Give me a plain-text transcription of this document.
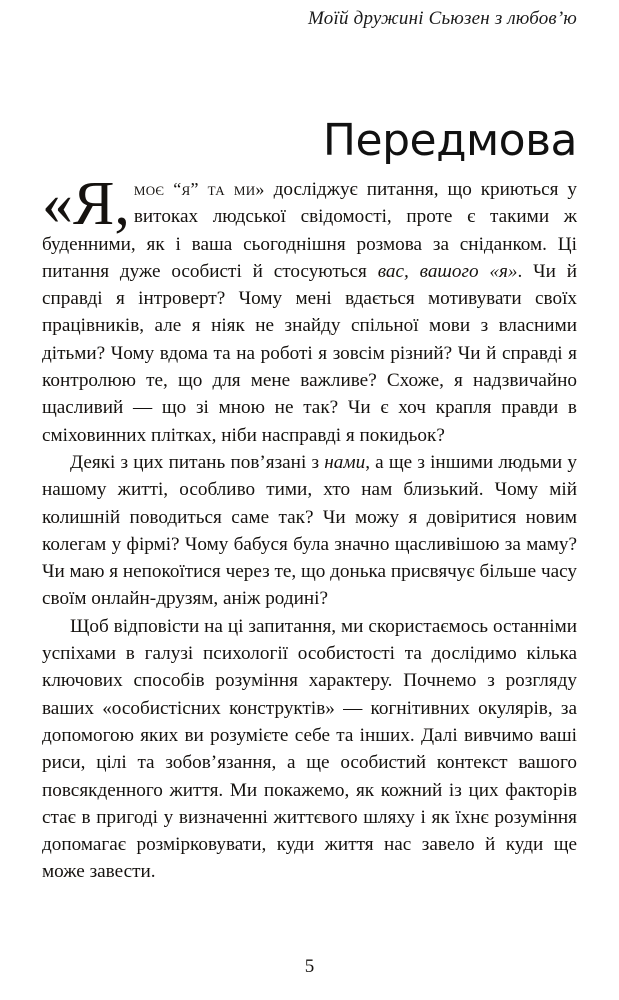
Моїй дружині Сьюзен з любов’ю
Передмова

«Я, моє “я” та ми» досліджує питання, що криються у витоках людської свідомості, проте є такими ж буденними, як і ваша сьогоднішня розмова за сніданком. Ці питання дуже особисті й стосуються вас, вашого «я». Чи й справді я інтроверт? Чому мені вдається мотивувати своїх працівників, але я ніяк не знайду спільної мови з власними дітьми? Чому вдома та на роботі я зовсім різний? Чи й справді я контролюю те, що для мене важливе? Схоже, я надзвичайно щасливий — що зі мною не так? Чи є хоч крапля правди в сміховинних плітках, ніби насправді я покидьок?

Деякі з цих питань пов’язані з нами, а ще з іншими людьми у нашому житті, особливо тими, хто нам близький. Чому мій колишній поводиться саме так? Чи можу я довіритися новим колегам у фірмі? Чому бабуся була значно щасливішою за маму? Чи маю я непокоїтися через те, що донька присвячує більше часу своїм онлайн-друзям, аніж родині?

Щоб відповісти на ці запитання, ми скористаємось останніми успіхами в галузі психології особистості та дослідимо кілька ключових способів розуміння характеру. Почнемо з розгляду ваших «особистісних конструктів» — когнітивних окулярів, за допомогою яких ви розумієте себе та інших. Далі вивчимо ваші риси, цілі та зобов’язання, а ще особистий контекст вашого повсякденного життя. Ми покажемо, як кожний із цих факторів стає в пригоді у визначенні життєвого шляху і як їхнє розуміння допомагає розмірковувати, куди життя нас завело й куди ще може завести.

5
